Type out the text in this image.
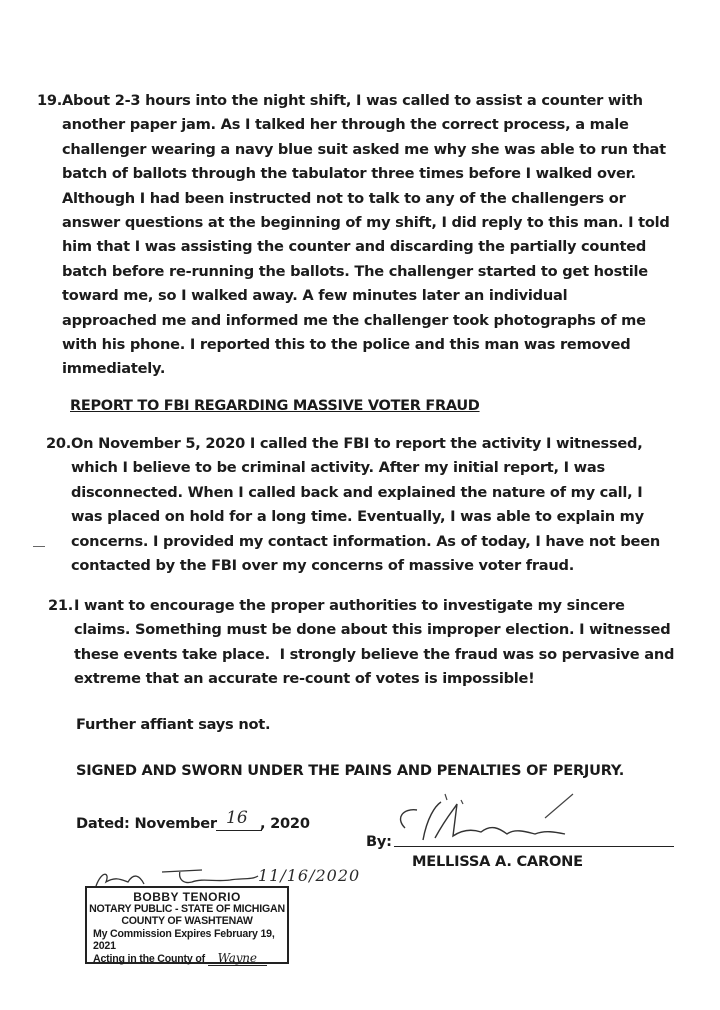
19. About 2-3 hours into the night shift, I was called to assist a counter with
another paper jam. As I talked her through the correct process, a male
challenger wearing a navy blue suit asked me why she was able to run that
batch of ballots through the tabulator three times before I walked over.
Although I had been instructed not to talk to any of the challengers or
answer questions at the beginning of my shift, I did reply to this man. I told
him that I was assisting the counter and discarding the partially counted
batch before re-running the ballots. The challenger started to get hostile
toward me, so I walked away. A few minutes later an individual
approached me and informed me the challenger took photographs of me
with his phone. I reported this to the police and this man was removed
immediately.
REPORT TO FBI REGARDING MASSIVE VOTER FRAUD
20. On November 5, 2020 I called the FBI to report the activity I witnessed,
which I believe to be criminal activity. After my initial report, I was
disconnected. When I called back and explained the nature of my call, I
was placed on hold for a long time. Eventually, I was able to explain my
concerns. I provided my contact information. As of today, I have not been
contacted by the FBI over my concerns of massive voter fraud.
21. I want to encourage the proper authorities to investigate my sincere
claims. Something must be done about this improper election. I witnessed
these events take place. I strongly believe the fraud was so pervasive and
extreme that an accurate re-count of votes is impossible!
Further affiant says not.
SIGNED AND SWORN UNDER THE PAINS AND PENALTIES OF PERJURY.
Dated: November 16 , 2020
By:
MELLISSA A. CARONE
11/16/2020
BOBBY TENORIO
NOTARY PUBLIC - STATE OF MICHIGAN
COUNTY OF WASHTENAW
My Commission Expires February 19, 2021
Acting in the County of Wayne
